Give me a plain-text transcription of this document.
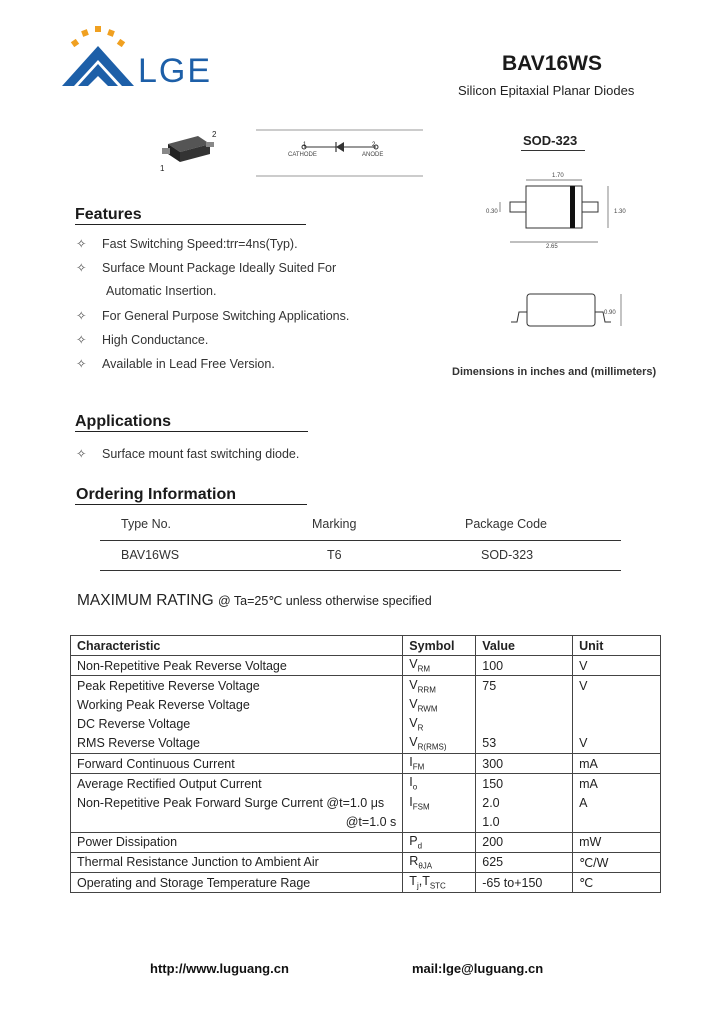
LGE	BAV16WS
Silicon Epitaxial Planar Diodes
2
1
1	2
CATHODE	ANODE
SOD-323
1.70
0.30	1.30
2.65
0.90
Dimensions in inches and (millimeters)
Features
✧ Fast Switching Speed:trr=4ns(Typ).
✧ Surface Mount Package Ideally Suited For
Automatic Insertion.
✧ For General Purpose Switching Applications.
✧ High Conductance.
✧ Available in Lead Free Version.
Applications
✧ Surface mount fast switching diode.
Ordering Information
Type No.	Marking	Package Code
BAV16WS	T6	SOD-323
MAXIMUM RATING @ Ta=25℃ unless otherwise specified
Characteristic	Symbol	Value	Unit
Non-Repetitive Peak Reverse Voltage	$V_{RM}$	100	V
Peak Repetitive Reverse Voltage	$V_{RRM}$	75	V
Working Peak Reverse Voltage	$V_{RWM}$		
DC Reverse Voltage	$V_R$		
RMS Reverse Voltage	$V_{R(RMS)}$	53	V
Forward Continuous Current	$I_{FM}$	300	mA
Average Rectified Output Current	$I_o$	150	mA
Non-Repetitive Peak Forward Surge Current @t=1.0 μs	$I_{FSM}$	2.0	A
@t=1.0 s		1.0	
Power Dissipation	$P_d$	200	mW
Thermal Resistance Junction to Ambient Air	$R_{\theta JA}$	625	℃/W
Operating and Storage Temperature Rage	$T_j,T_{STC}$	-65 to+150	℃
http://www.luguang.cn	mail:lge@luguang.cn
